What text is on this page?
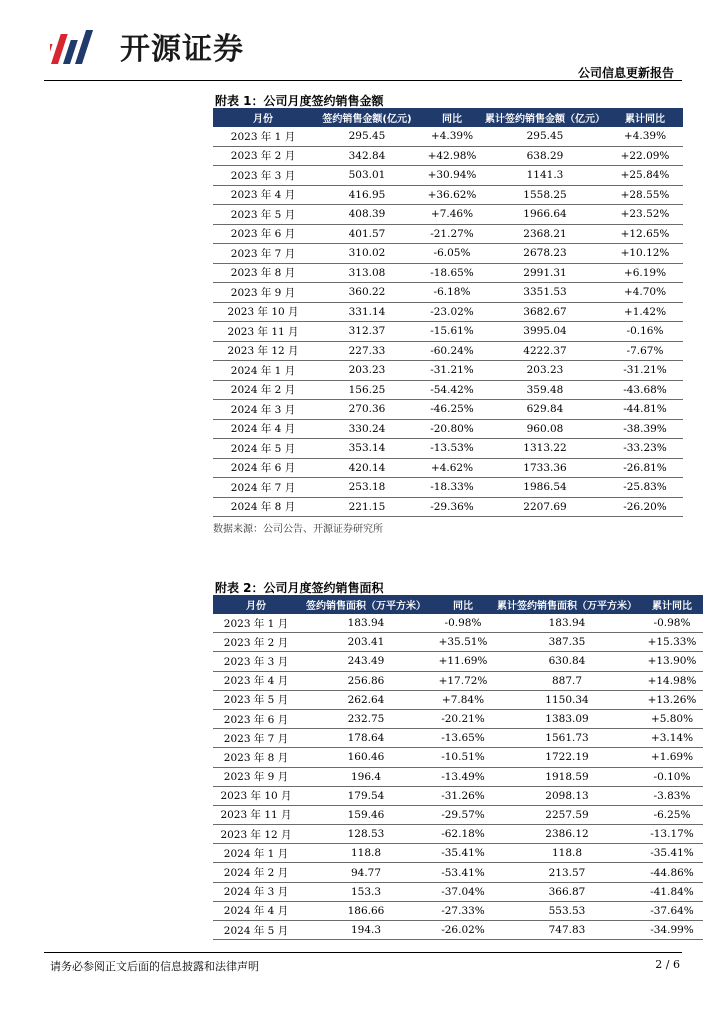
开源证券
公司信息更新报告
附表 1：公司月度签约销售金额
月份	签约销售金额(亿元)	同比	累计签约销售金额（亿元）	累计同比
2023 年 1 月	295.45	+4.39%	295.45	+4.39%
2023 年 2 月	342.84	+42.98%	638.29	+22.09%
2023 年 3 月	503.01	+30.94%	1141.3	+25.84%
2023 年 4 月	416.95	+36.62%	1558.25	+28.55%
2023 年 5 月	408.39	+7.46%	1966.64	+23.52%
2023 年 6 月	401.57	-21.27%	2368.21	+12.65%
2023 年 7 月	310.02	-6.05%	2678.23	+10.12%
2023 年 8 月	313.08	-18.65%	2991.31	+6.19%
2023 年 9 月	360.22	-6.18%	3351.53	+4.70%
2023 年 10 月	331.14	-23.02%	3682.67	+1.42%
2023 年 11 月	312.37	-15.61%	3995.04	-0.16%
2023 年 12 月	227.33	-60.24%	4222.37	-7.67%
2024 年 1 月	203.23	-31.21%	203.23	-31.21%
2024 年 2 月	156.25	-54.42%	359.48	-43.68%
2024 年 3 月	270.36	-46.25%	629.84	-44.81%
2024 年 4 月	330.24	-20.80%	960.08	-38.39%
2024 年 5 月	353.14	-13.53%	1313.22	-33.23%
2024 年 6 月	420.14	+4.62%	1733.36	-26.81%
2024 年 7 月	253.18	-18.33%	1986.54	-25.83%
2024 年 8 月	221.15	-29.36%	2207.69	-26.20%
数据来源：公司公告、开源证券研究所
附表 2：公司月度签约销售面积
月份	签约销售面积（万平方米）	同比	累计签约销售面积（万平方米）	累计同比
2023 年 1 月	183.94	-0.98%	183.94	-0.98%
2023 年 2 月	203.41	+35.51%	387.35	+15.33%
2023 年 3 月	243.49	+11.69%	630.84	+13.90%
2023 年 4 月	256.86	+17.72%	887.7	+14.98%
2023 年 5 月	262.64	+7.84%	1150.34	+13.26%
2023 年 6 月	232.75	-20.21%	1383.09	+5.80%
2023 年 7 月	178.64	-13.65%	1561.73	+3.14%
2023 年 8 月	160.46	-10.51%	1722.19	+1.69%
2023 年 9 月	196.4	-13.49%	1918.59	-0.10%
2023 年 10 月	179.54	-31.26%	2098.13	-3.83%
2023 年 11 月	159.46	-29.57%	2257.59	-6.25%
2023 年 12 月	128.53	-62.18%	2386.12	-13.17%
2024 年 1 月	118.8	-35.41%	118.8	-35.41%
2024 年 2 月	94.77	-53.41%	213.57	-44.86%
2024 年 3 月	153.3	-37.04%	366.87	-41.84%
2024 年 4 月	186.66	-27.33%	553.53	-37.64%
2024 年 5 月	194.3	-26.02%	747.83	-34.99%
请务必参阅正文后面的信息披露和法律声明	2 / 6
